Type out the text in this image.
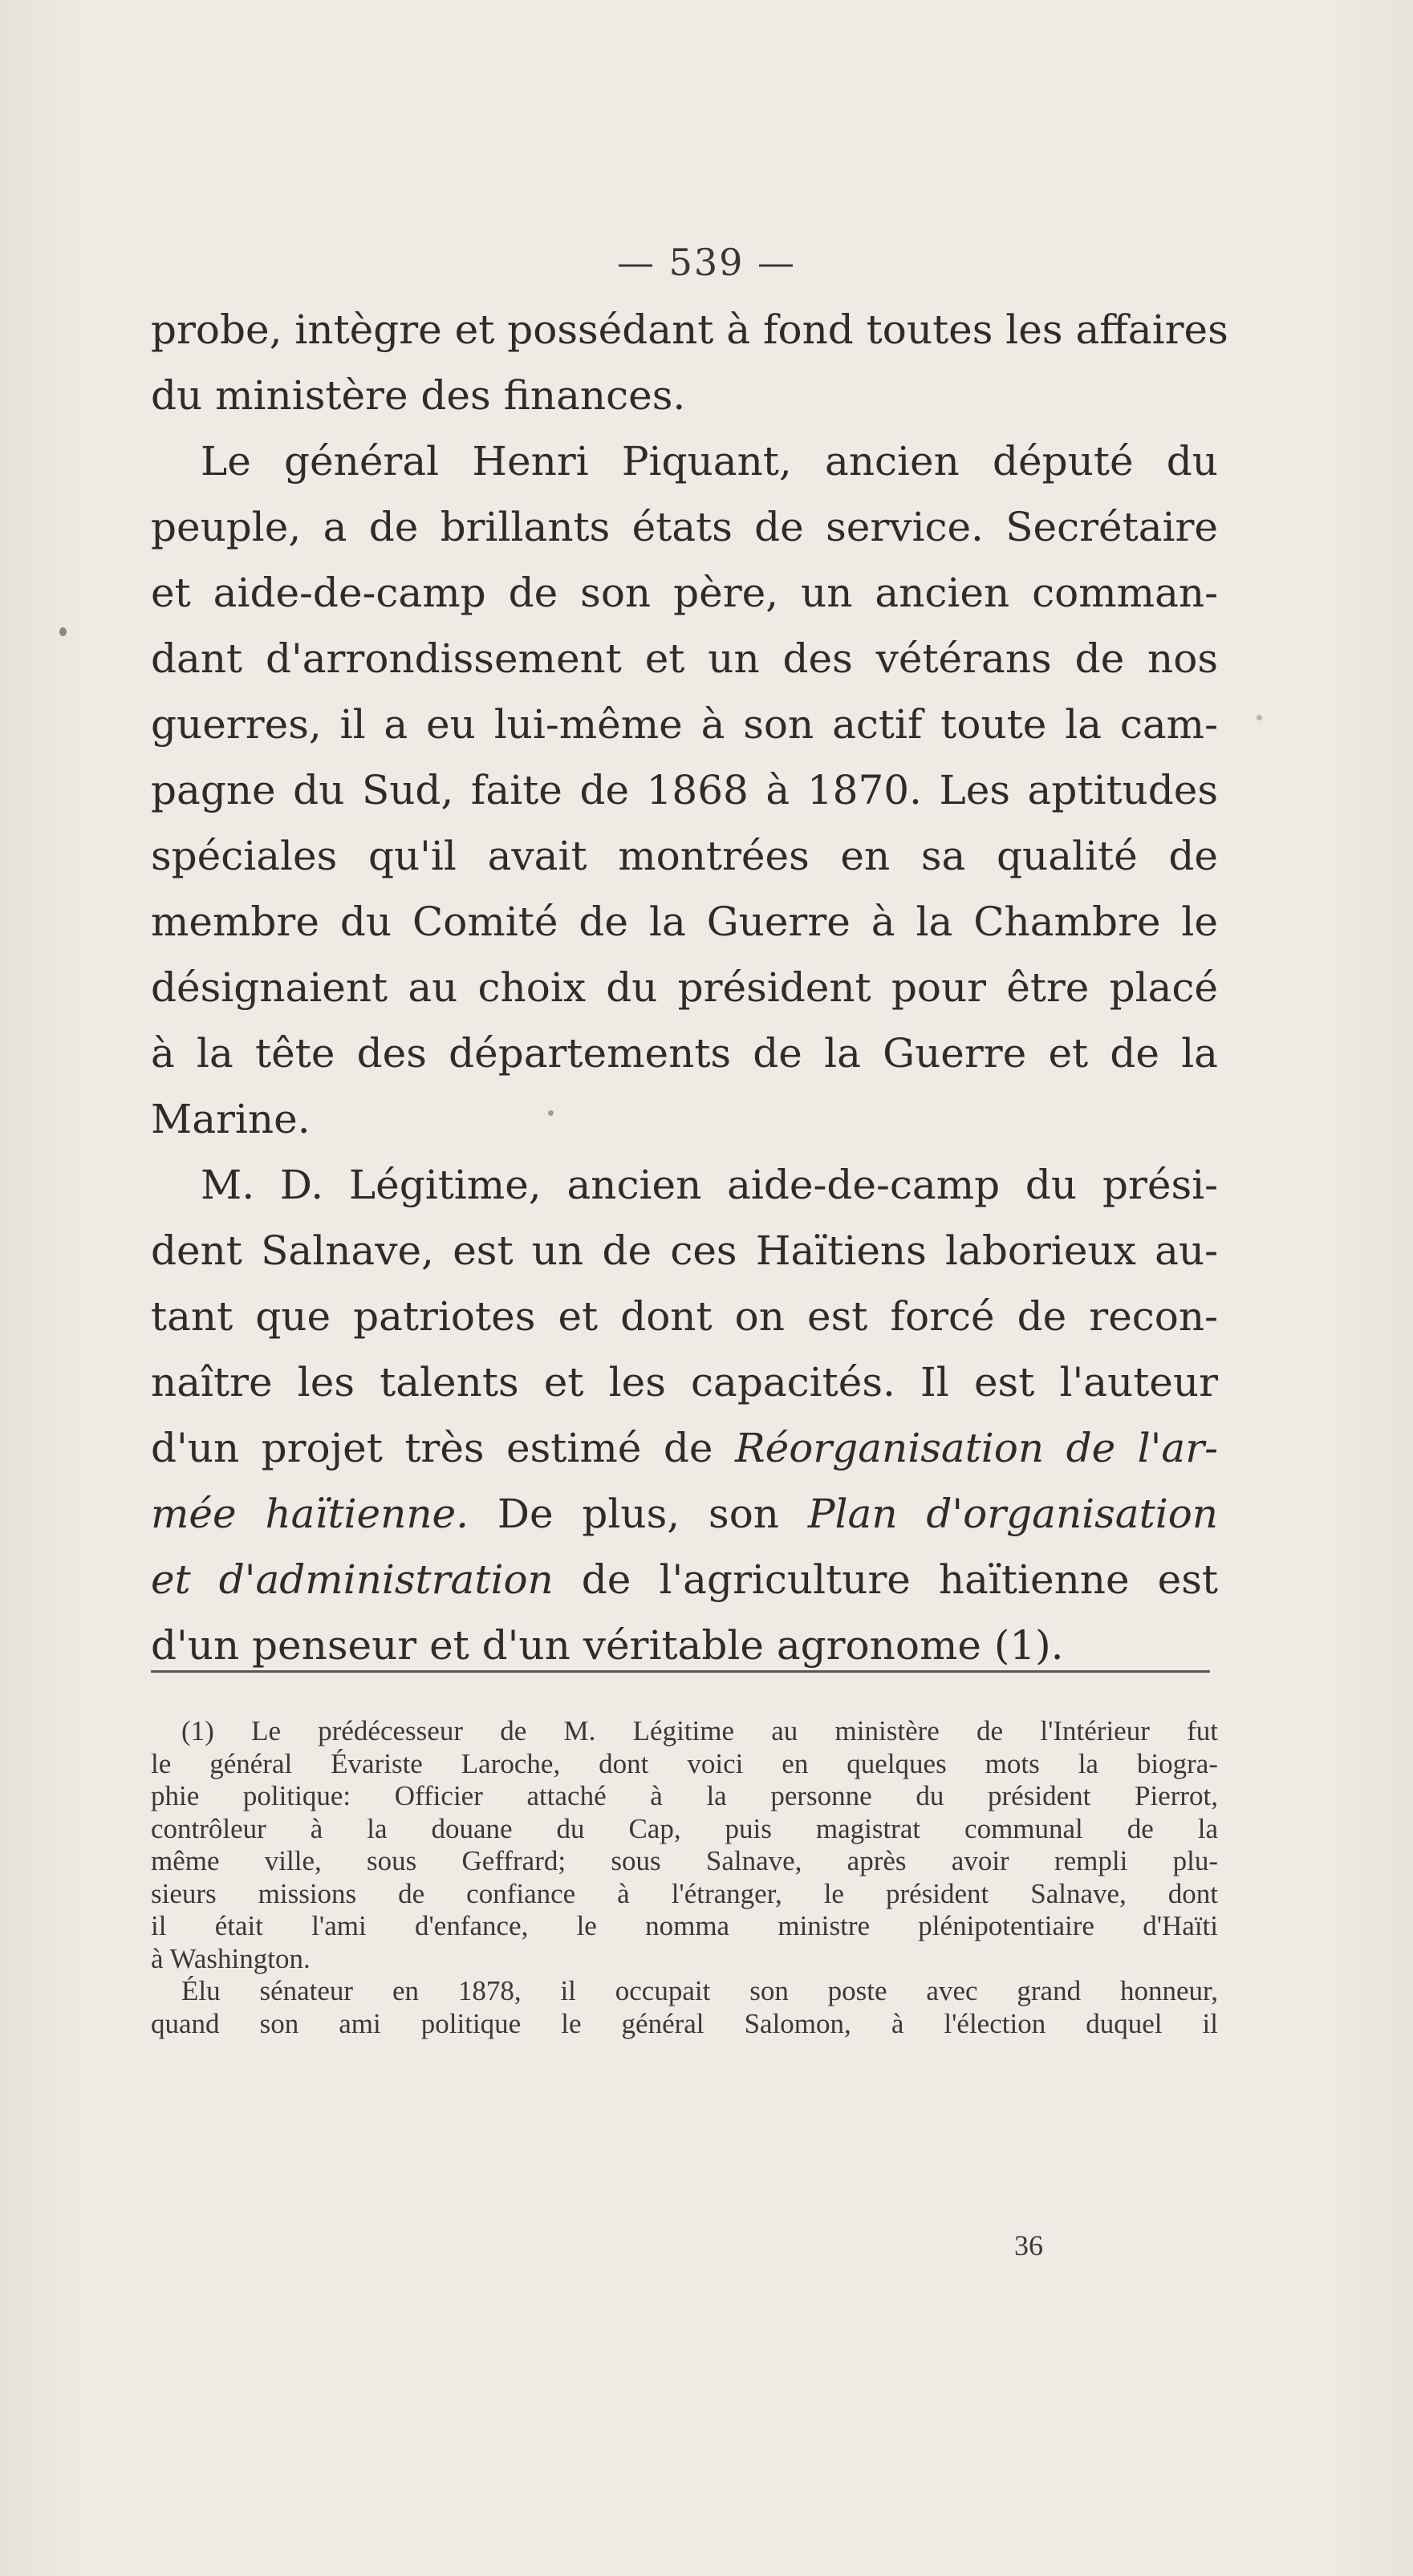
— 539 —
probe, intègre et possédant à fond toutes les affaires
du ministère des finances.
Le général Henri Piquant, ancien député du
peuple, a de brillants états de service. Secrétaire
et aide-de-camp de son père, un ancien comman-
dant d'arrondissement et un des vétérans de nos
guerres, il a eu lui-même à son actif toute la cam-
pagne du Sud, faite de 1868 à 1870. Les aptitudes
spéciales qu'il avait montrées en sa qualité de
membre du Comité de la Guerre à la Chambre le
désignaient au choix du président pour être placé
à la tête des départements de la Guerre et de la
Marine.
M. D. Légitime, ancien aide-de-camp du prési-
dent Salnave, est un de ces Haïtiens laborieux au-
tant que patriotes et dont on est forcé de recon-
naître les talents et les capacités. Il est l'auteur
d'un projet très estimé de Réorganisation de l'ar-
mée haïtienne. De plus, son Plan d'organisation
et d'administration de l'agriculture haïtienne est
d'un penseur et d'un véritable agronome (1).
(1) Le prédécesseur de M. Légitime au ministère de l'Intérieur fut
le général Évariste Laroche, dont voici en quelques mots la biogra-
phie politique: Officier attaché à la personne du président Pierrot,
contrôleur à la douane du Cap, puis magistrat communal de la
même ville, sous Geffrard; sous Salnave, après avoir rempli plu-
sieurs missions de confiance à l'étranger, le président Salnave, dont
il était l'ami d'enfance, le nomma ministre plénipotentiaire d'Haïti
à Washington.
Élu sénateur en 1878, il occupait son poste avec grand honneur,
quand son ami politique le général Salomon, à l'élection duquel il
36
